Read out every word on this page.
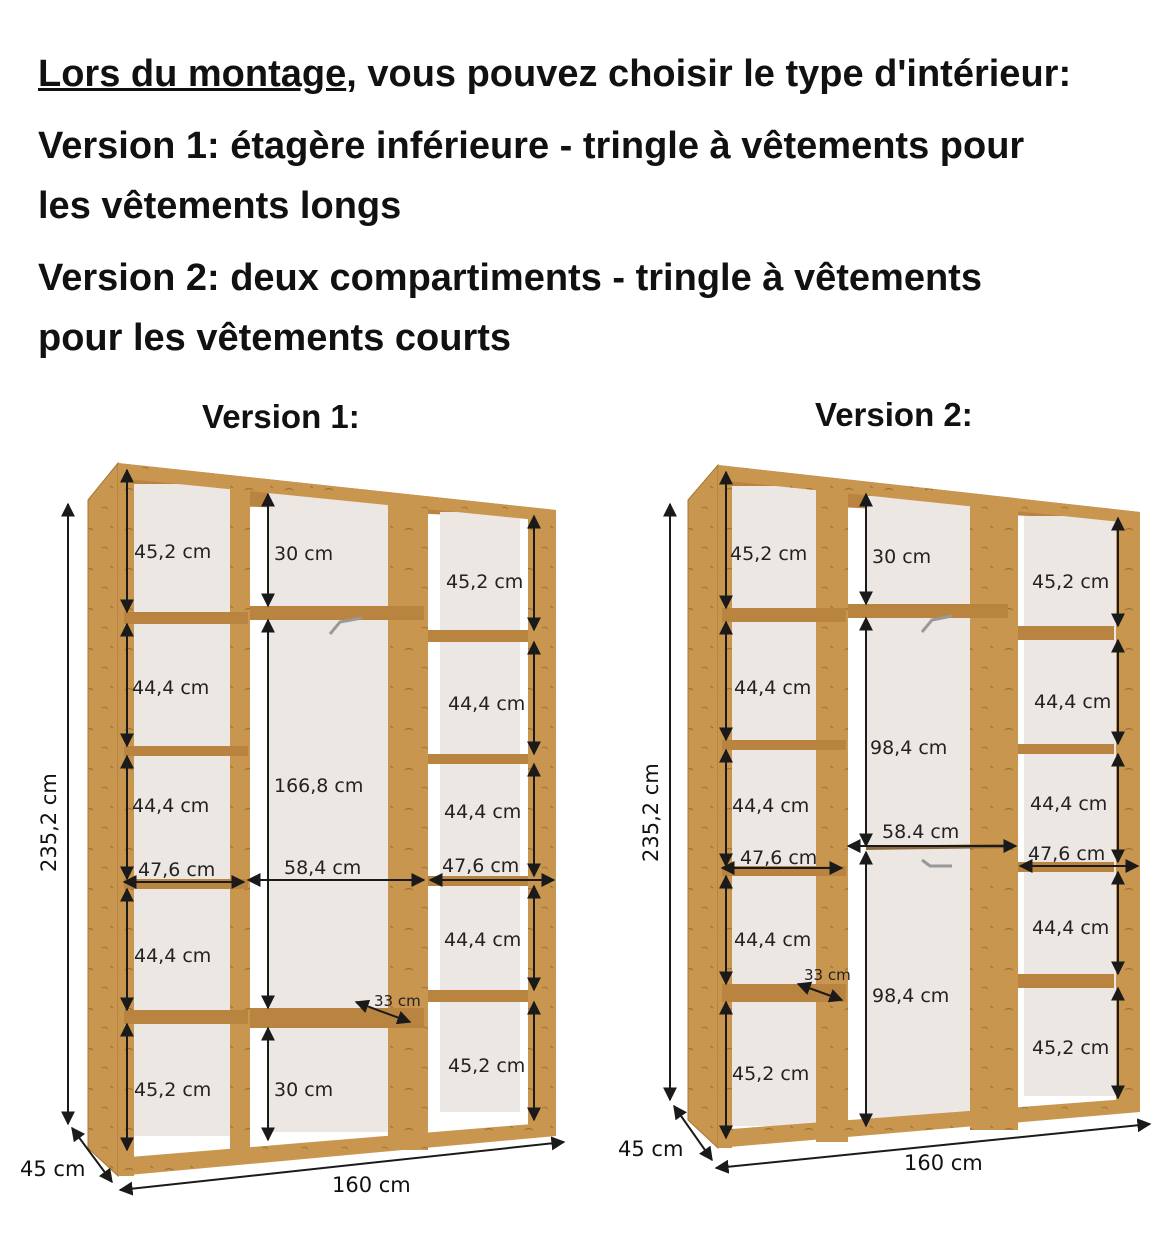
Lors du montage, vous pouvez choisir le type d'intérieur:
Version 1: étagère inférieure - tringle à vêtements pour
les vêtements longs
Version 2: deux compartiments - tringle à vêtements
pour les vêtements courts
Version 1:	Version 2:
235,2 cm
45 cm
160 cm
45,2 cm
44,4 cm
44,4 cm
47,6 cm
44,4 cm
45,2 cm
30 cm
166,8 cm
58,4 cm
33 cm
30 cm
45,2 cm
44,4 cm
44,4 cm
47,6 cm
44,4 cm
45,2 cm
235,2 cm
45 cm
160 cm
45,2 cm
44,4 cm
44,4 cm
47,6 cm
44,4 cm
33 cm
45,2 cm
30 cm
98,4 cm
58.4 cm
98,4 cm
45,2 cm
44,4 cm
44,4 cm
47,6 cm
44,4 cm
45,2 cm
